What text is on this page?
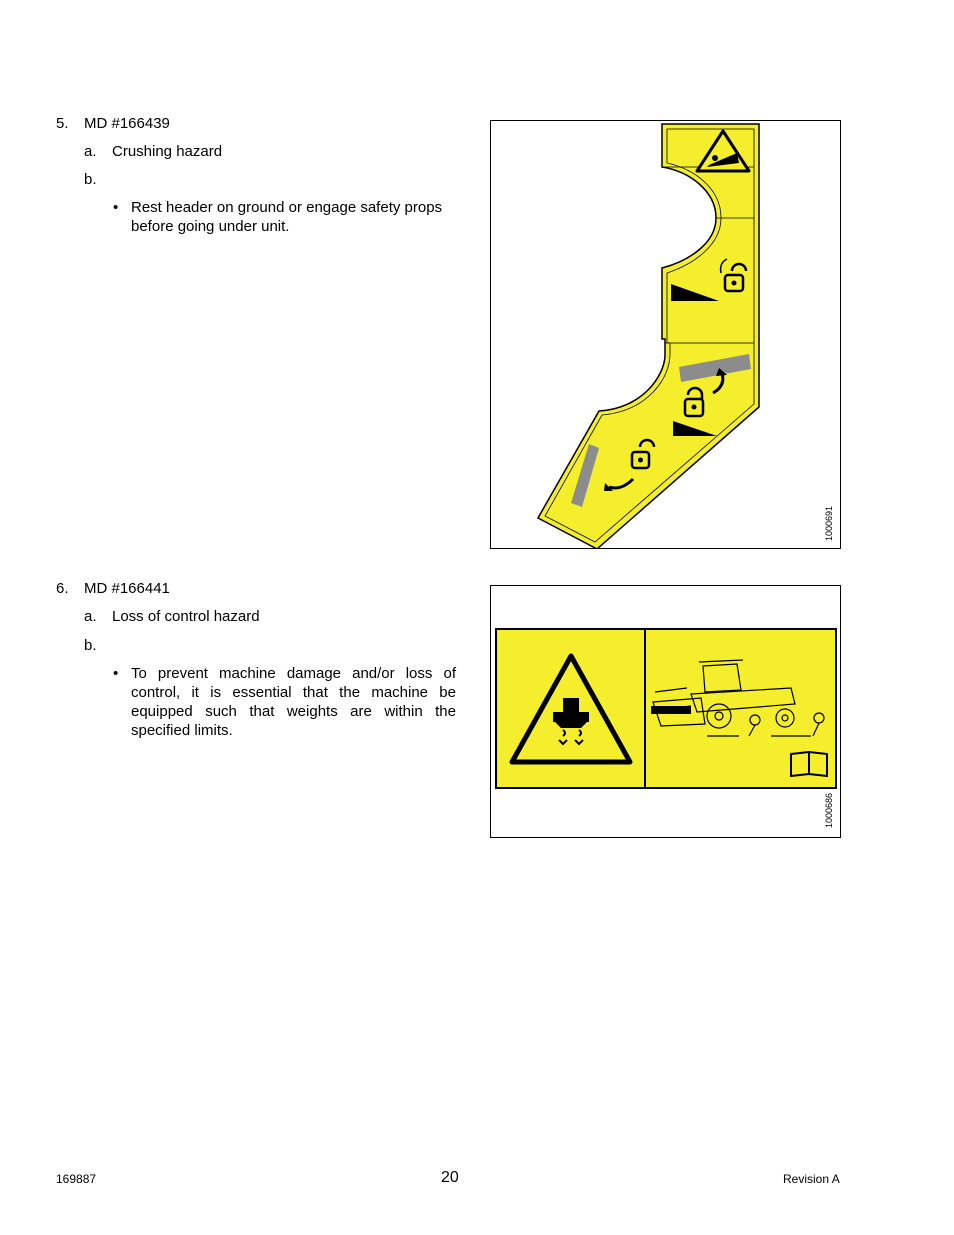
5. MD #166439
a. Crushing hazard
b.
• Rest header on ground or engage safety props before going under unit.
1000691
6. MD #166441
a. Loss of control hazard
b.
• To prevent machine damage and/or loss of control, it is essential that the machine be equipped such that weights are within the specified limits.
1000686
169887	20	Revision A
